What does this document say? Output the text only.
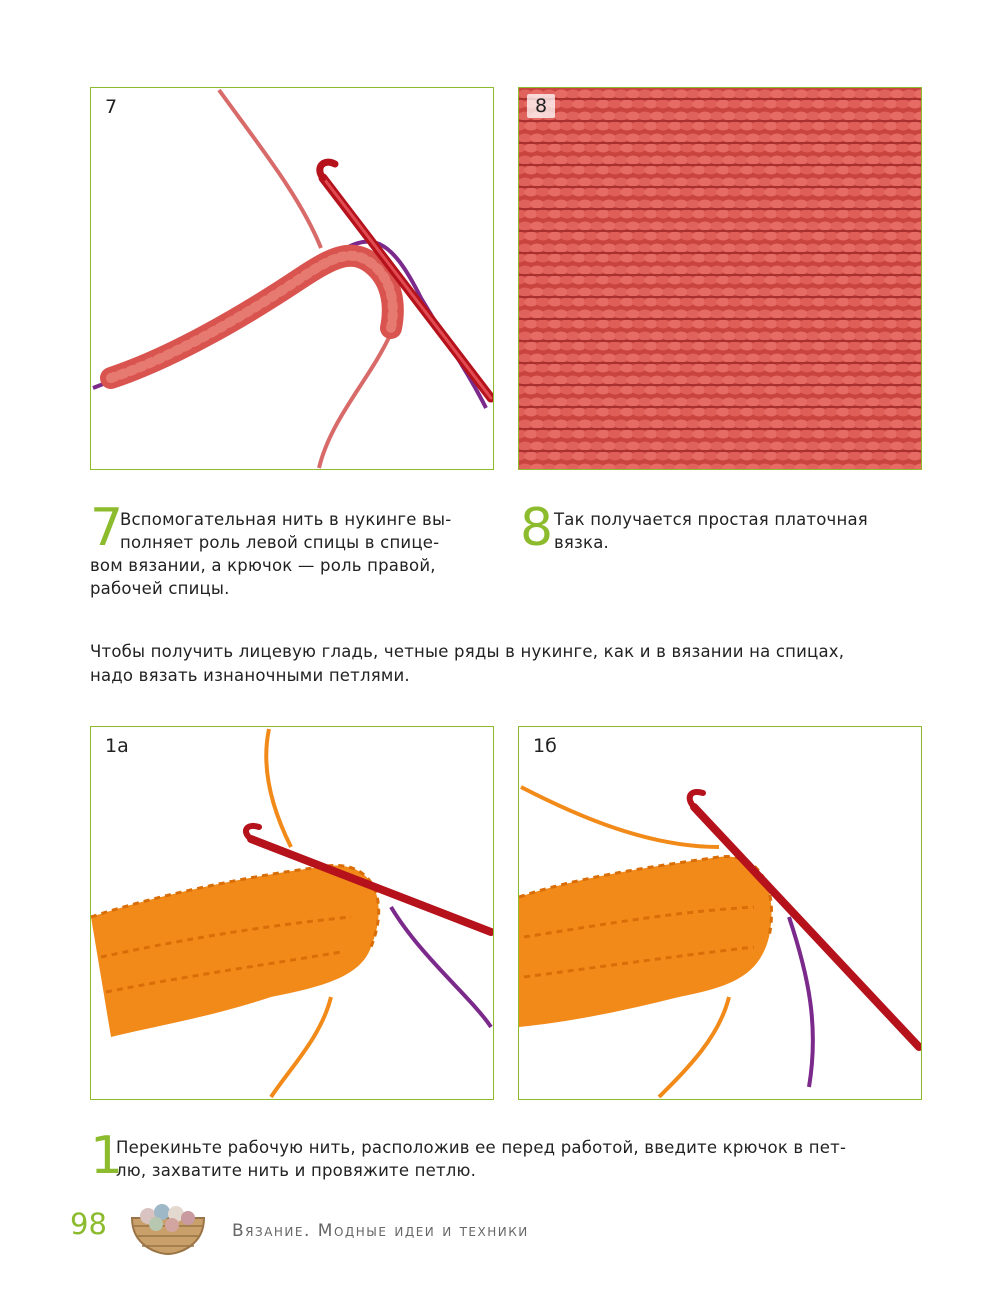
7	8
7
Вспомогательная нить в нукинге вы-
полняет роль левой спицы в спице-
вом вязании, а крючок — роль правой,
рабочей спицы.
8 Так получается простая платочная
вязка.
Чтобы получить лицевую гладь, четные ряды в нукинге, как и в вязании на спицах,
надо вязать изнаночными петлями.
1а	1б
1
Перекиньте рабочую нить, расположив ее перед работой, введите крючок в пет-
лю, захватите нить и провяжите петлю.
98	Вязание. Модные идеи и техники
